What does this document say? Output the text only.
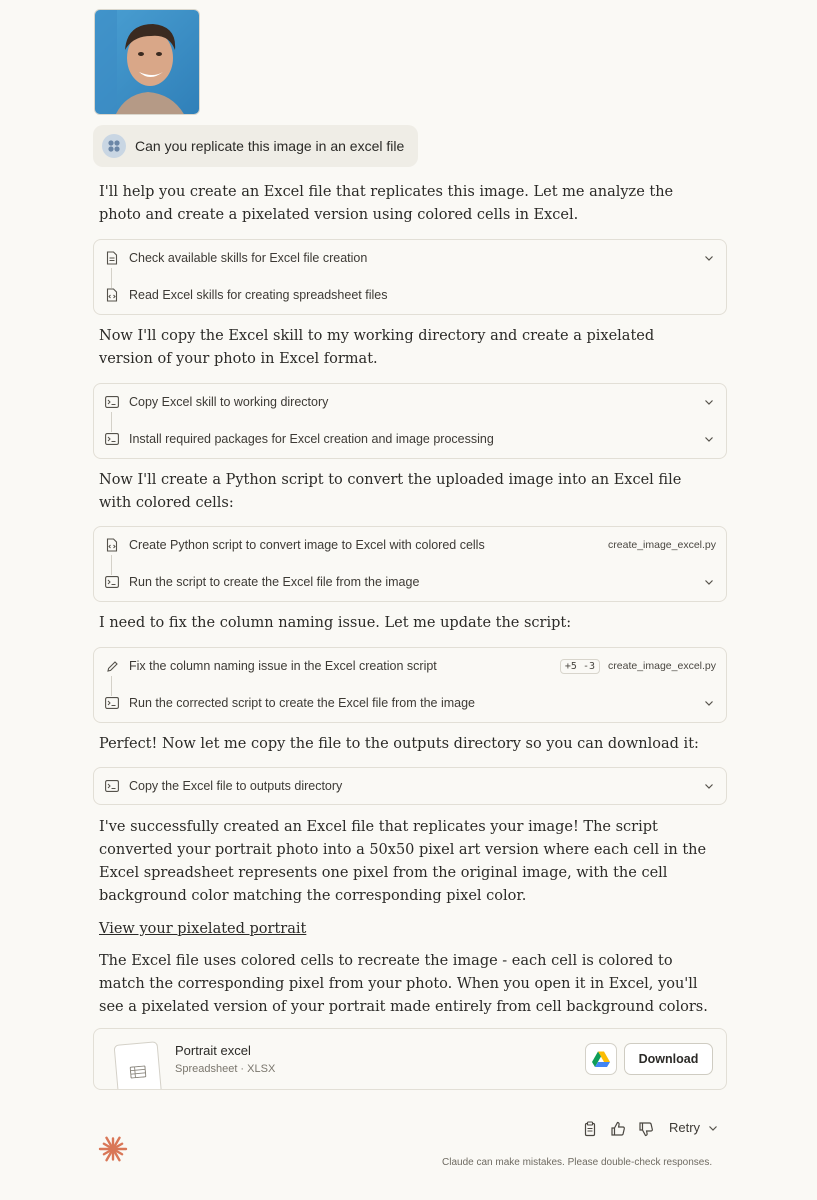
Can you replicate this image in an excel file
I'll help you create an Excel file that replicates this image. Let me analyze the photo and create a pixelated version using colored cells in Excel.
Check available skills for Excel file creation
Read Excel skills for creating spreadsheet files
Now I'll copy the Excel skill to my working directory and create a pixelated version of your photo in Excel format.
Copy Excel skill to working directory
Install required packages for Excel creation and image processing
Now I'll create a Python script to convert the uploaded image into an Excel file with colored cells:
Create Python script to convert image to Excel with colored cells	create_image_excel.py
Run the script to create the Excel file from the image
I need to fix the column naming issue. Let me update the script:
Fix the column naming issue in the Excel creation script	+5 -3	create_image_excel.py
Run the corrected script to create the Excel file from the image
Perfect! Now let me copy the file to the outputs directory so you can download it:
Copy the Excel file to outputs directory
I've successfully created an Excel file that replicates your image! The script converted your portrait photo into a 50x50 pixel art version where each cell in the Excel spreadsheet represents one pixel from the original image, with the cell background color matching the corresponding pixel color.
View your pixelated portrait
The Excel file uses colored cells to recreate the image - each cell is colored to match the corresponding pixel from your photo. When you open it in Excel, you'll see a pixelated version of your portrait made entirely from cell background colors.
Portrait excel
Spreadsheet · XLSX
Download
Retry
Claude can make mistakes. Please double-check responses.
